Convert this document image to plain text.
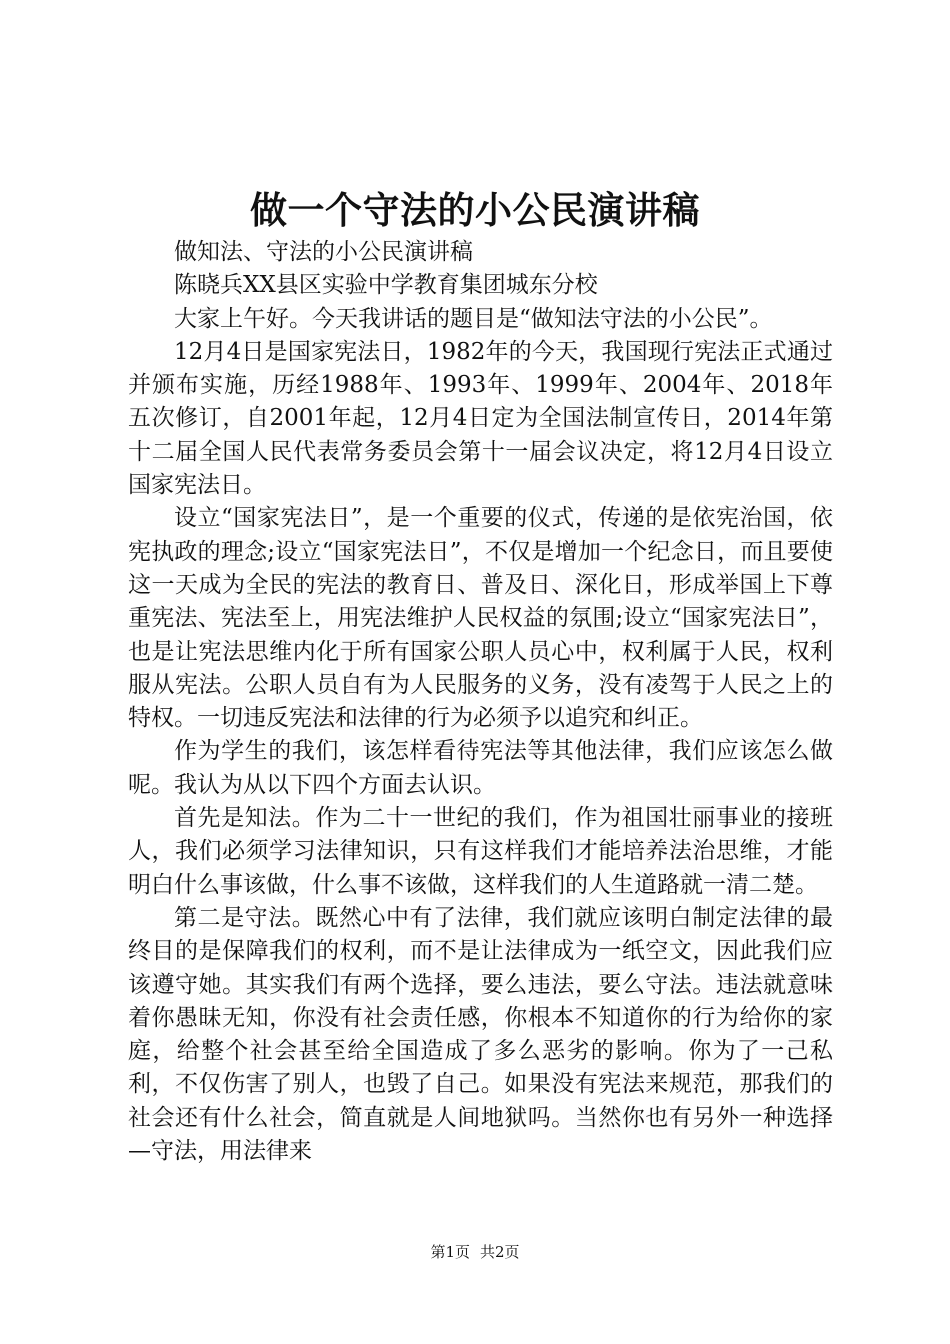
做一个守法的小公民演讲稿

做知法、守法的小公民演讲稿

陈晓兵XX县区实验中学教育集团城东分校

大家上午好。今天我讲话的题目是“做知法守法的小公民”。

12月4日是国家宪法日，1982年的今天，我国现行宪法正式通过并颁布实施，历经1988年、1993年、1999年、2004年、2018年五次修订，自2001年起，12月4日定为全国法制宣传日，2014年第十二届全国人民代表常务委员会第十一届会议决定，将12月4日设立国家宪法日。

设立“国家宪法日”，是一个重要的仪式，传递的是依宪治国，依宪执政的理念;设立“国家宪法日”，不仅是增加一个纪念日，而且要使这一天成为全民的宪法的教育日、普及日、深化日，形成举国上下尊重宪法、宪法至上，用宪法维护人民权益的氛围;设立“国家宪法日”，也是让宪法思维内化于所有国家公职人员心中，权利属于人民，权利服从宪法。公职人员自有为人民服务的义务，没有凌驾于人民之上的特权。一切违反宪法和法律的行为必须予以追究和纠正。

作为学生的我们，该怎样看待宪法等其他法律，我们应该怎么做呢。我认为从以下四个方面去认识。

首先是知法。作为二十一世纪的我们，作为祖国壮丽事业的接班人，我们必须学习法律知识，只有这样我们才能培养法治思维，才能明白什么事该做，什么事不该做，这样我们的人生道路就一清二楚。

第二是守法。既然心中有了法律，我们就应该明白制定法律的最终目的是保障我们的权利，而不是让法律成为一纸空文，因此我们应该遵守她。其实我们有两个选择，要么违法，要么守法。违法就意味着你愚昧无知，你没有社会责任感，你根本不知道你的行为给你的家庭，给整个社会甚至给全国造成了多么恶劣的影响。你为了一己私利，不仅伤害了别人，也毁了自己。如果没有宪法来规范，那我们的社会还有什么社会，简直就是人间地狱吗。当然你也有另外一种选择—守法，用法律来

第1页 共2页
